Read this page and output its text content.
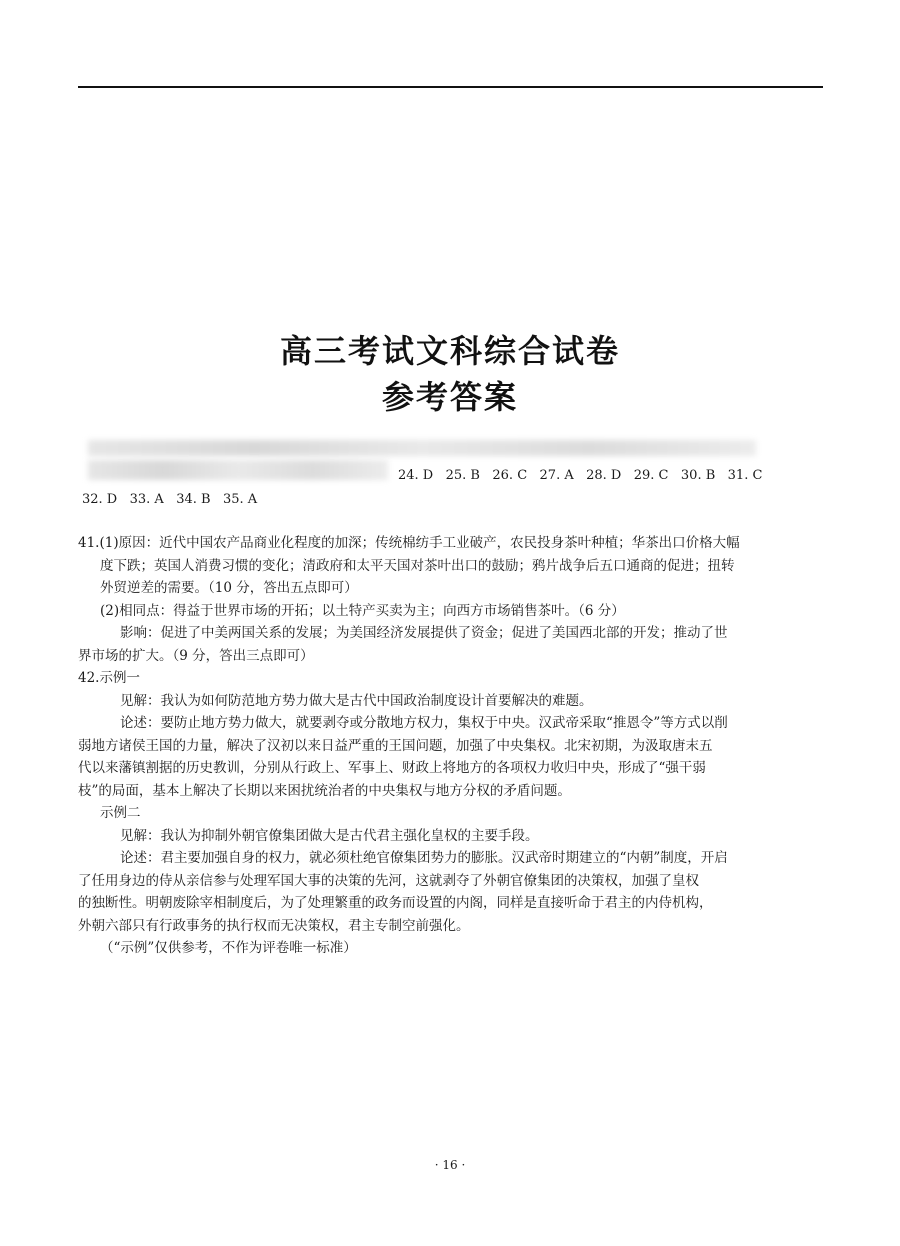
高三考试文科综合试卷
参考答案
24. D   25. B   26. C   27. A   28. D   29. C   30. B   31. C
32. D   33. A   34. B   35. A
41.(1)原因：近代中国农产品商业化程度的加深；传统棉纺手工业破产，农民投身茶叶种植；华茶出口价格大幅
度下跌；英国人消费习惯的变化；清政府和太平天国对茶叶出口的鼓励；鸦片战争后五口通商的促进；扭转
外贸逆差的需要。（10 分，答出五点即可）
(2)相同点：得益于世界市场的开拓；以土特产买卖为主；向西方市场销售茶叶。（6 分）
影响：促进了中美两国关系的发展；为美国经济发展提供了资金；促进了美国西北部的开发；推动了世
界市场的扩大。（9 分，答出三点即可）
42.示例一
见解：我认为如何防范地方势力做大是古代中国政治制度设计首要解决的难题。
论述：要防止地方势力做大，就要剥夺或分散地方权力，集权于中央。汉武帝采取“推恩令”等方式以削
弱地方诸侯王国的力量，解决了汉初以来日益严重的王国问题，加强了中央集权。北宋初期，为汲取唐末五
代以来藩镇割据的历史教训，分别从行政上、军事上、财政上将地方的各项权力收归中央，形成了“强干弱
枝”的局面，基本上解决了长期以来困扰统治者的中央集权与地方分权的矛盾问题。
示例二
见解：我认为抑制外朝官僚集团做大是古代君主强化皇权的主要手段。
论述：君主要加强自身的权力，就必须杜绝官僚集团势力的膨胀。汉武帝时期建立的“内朝”制度，开启
了任用身边的侍从亲信参与处理军国大事的决策的先河，这就剥夺了外朝官僚集团的决策权，加强了皇权
的独断性。明朝废除宰相制度后，为了处理繁重的政务而设置的内阁，同样是直接听命于君主的内侍机构，
外朝六部只有行政事务的执行权而无决策权，君主专制空前强化。
（“示例”仅供参考，不作为评卷唯一标准）
· 16 ·
